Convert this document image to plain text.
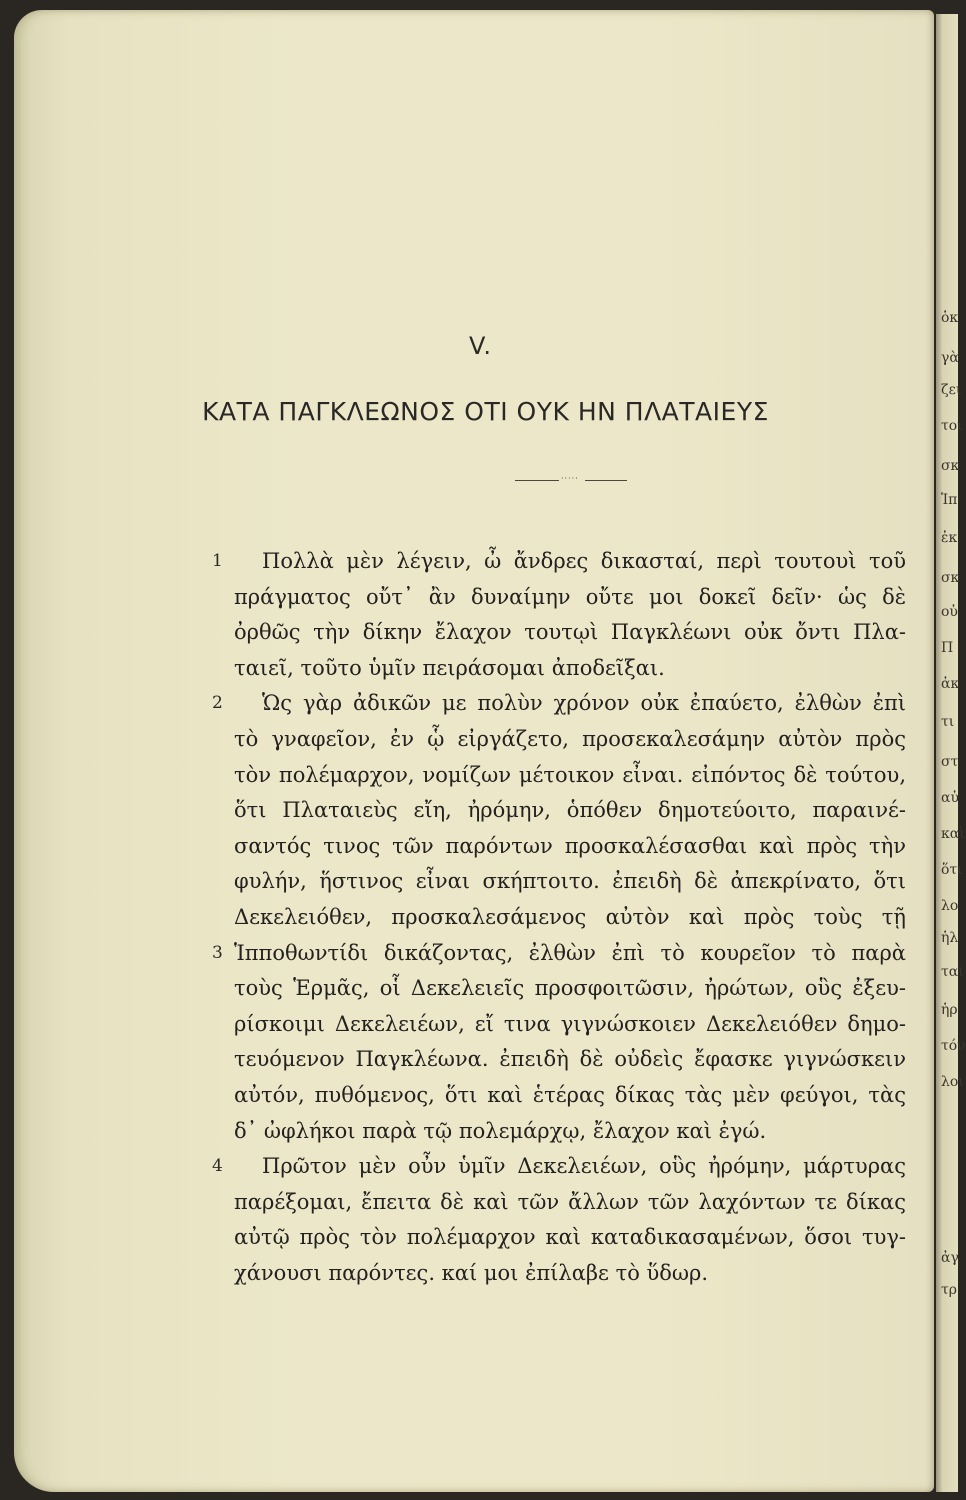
ὁκ
γὰ
ζει
τοι
σκ
Ἱπ
ἐκ
σκ
οὐ
Π
ἀκ
τι
στ
αὐ
καὶ
ὅτι
λο
ἡλ
ταὶ
ἡρ
τόν
λοι
ἀγ
τρ
V.
ΚΑΤΑ ΠΑΓΚΛΕΩΝΟΣ ΟΤΙ ΟΥΚ ΗΝ ΠΛΑΤΑΙΕΥΣ
·····
1	Πολλὰ μὲν λέγειν, ὦ ἄνδρες δικασταί, περὶ τουτουὶ τοῦ
πράγματος οὔτ᾽ ἂν δυναίμην οὔτε μοι δοκεῖ δεῖν· ὡς δὲ
ὀρθῶς τὴν δίκην ἔλαχον τουτῳὶ Παγκλέωνι οὐκ ὄντι Πλα-
ταιεῖ, τοῦτο ὑμῖν πειράσομαι ἀποδεῖξαι.
2	Ὡς γὰρ ἀδικῶν με πολὺν χρόνον οὐκ ἐπαύετο, ἐλθὼν ἐπὶ
τὸ γναφεῖον, ἐν ᾧ εἰργάζετο, προσεκαλεσάμην αὐτὸν πρὸς
τὸν πολέμαρχον, νομίζων μέτοικον εἶναι. εἰπόντος δὲ τούτου,
ὅτι Πλαταιεὺς εἴη, ἠρόμην, ὁπόθεν δημοτεύοιτο, παραινέ-
σαντός τινος τῶν παρόντων προσκαλέσασθαι καὶ πρὸς τὴν
φυλήν, ἥστινος εἶναι σκήπτοιτο. ἐπειδὴ δὲ ἀπεκρίνατο, ὅτι
Δεκελειόθεν, προσκαλεσάμενος αὐτὸν καὶ πρὸς τοὺς τῇ
3 Ἱπποθωντίδι δικάζοντας, ἐλθὼν ἐπὶ τὸ κουρεῖον τὸ παρὰ
τοὺς Ἑρμᾶς, οἷ Δεκελειεῖς προσφοιτῶσιν, ἠρώτων, οὓς ἐξευ-
ρίσκοιμι Δεκελειέων, εἴ τινα γιγνώσκοιεν Δεκελειόθεν δημο-
τευόμενον Παγκλέωνα. ἐπειδὴ δὲ οὐδεὶς ἔφασκε γιγνώσκειν
αὐτόν, πυθόμενος, ὅτι καὶ ἑτέρας δίκας τὰς μὲν φεύγοι, τὰς
δ᾽ ὠφλήκοι παρὰ τῷ πολεμάρχῳ, ἔλαχον καὶ ἐγώ.
4	Πρῶτον μὲν οὖν ὑμῖν Δεκελειέων, οὓς ἠρόμην, μάρτυρας
παρέξομαι, ἔπειτα δὲ καὶ τῶν ἄλλων τῶν λαχόντων τε δίκας
αὐτῷ πρὸς τὸν πολέμαρχον καὶ καταδικασαμένων, ὅσοι τυγ-
χάνουσι παρόντες. καί μοι ἐπίλαβε τὸ ὕδωρ.
